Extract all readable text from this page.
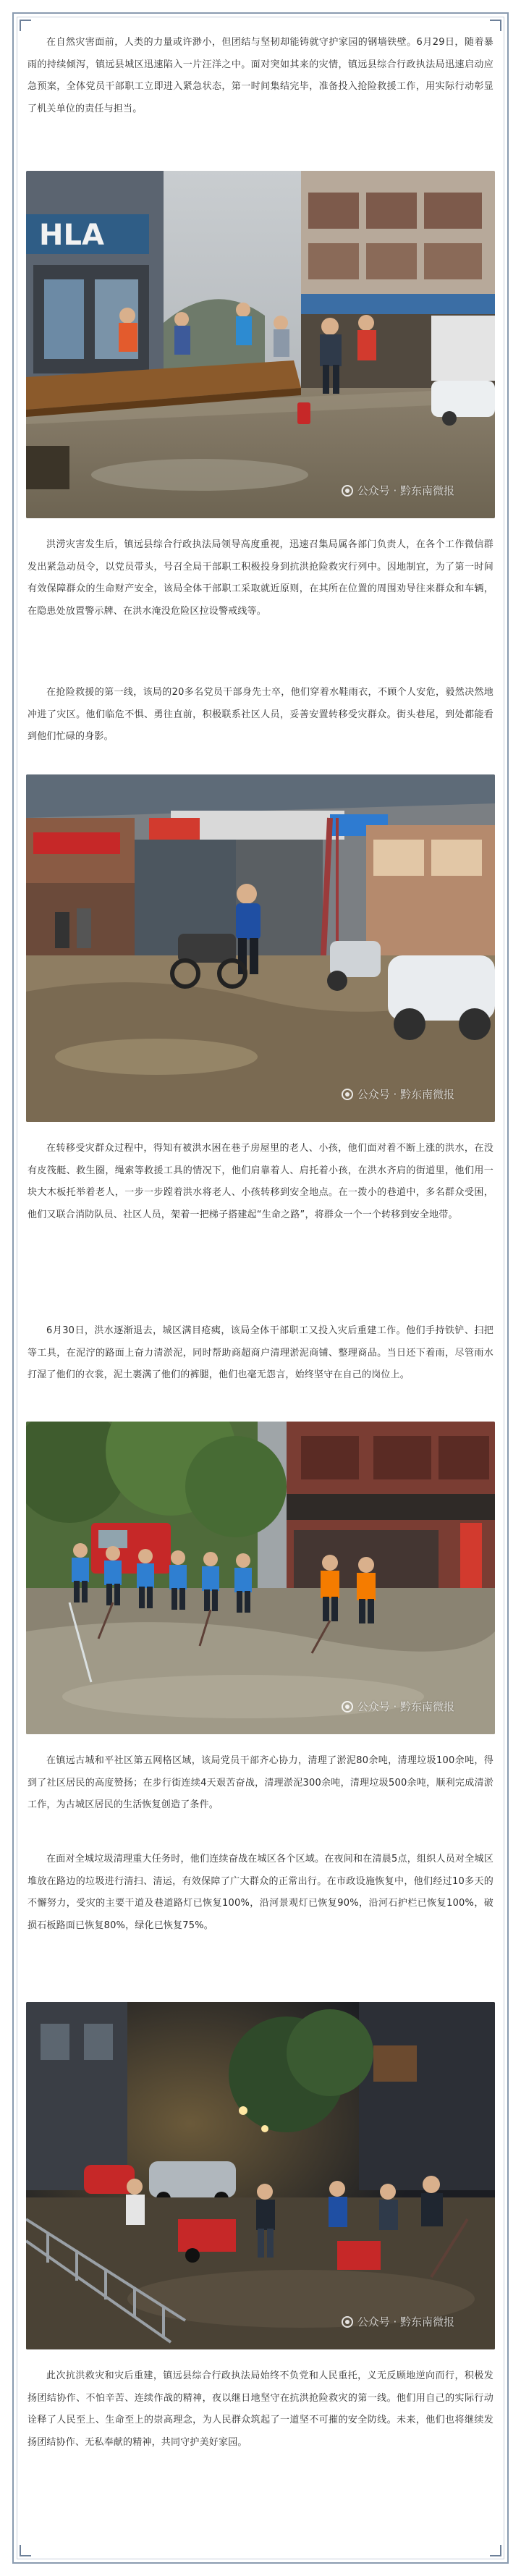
在自然灾害面前，人类的力量或许渺小，但团结与坚韧却能铸就守护家园的钢墙铁壁。6月29日，随着暴雨的持续倾泻，镇远县城区迅速陷入一片汪洋之中。面对突如其来的灾情，镇远县综合行政执法局迅速启动应急预案，全体党员干部职工立即进入紧急状态，第一时间集结完毕，准备投入抢险救援工作，用实际行动彰显了机关单位的责任与担当。

HLA
公众号 · 黔东南微报

洪涝灾害发生后，镇远县综合行政执法局领导高度重视，迅速召集局属各部门负责人，在各个工作微信群发出紧急动员令，以党员带头，号召全局干部职工积极投身到抗洪抢险救灾行列中。因地制宜，为了第一时间有效保障群众的生命财产安全，该局全体干部职工采取就近原则，在其所在位置的周围劝导往来群众和车辆，在隐患处放置警示牌、在洪水淹没危险区拉设警戒线等。

在抢险救援的第一线，该局的20多名党员干部身先士卒，他们穿着水鞋雨衣，不顾个人安危，毅然决然地冲进了灾区。他们临危不惧、勇往直前，积极联系社区人员，妥善安置转移受灾群众。街头巷尾，到处都能看到他们忙碌的身影。

公众号 · 黔东南微报

在转移受灾群众过程中，得知有被洪水困在巷子房屋里的老人、小孩，他们面对着不断上涨的洪水，在没有皮筏艇、救生圈，绳索等救援工具的情况下，他们肩靠着人、肩托着小孩，在洪水齐肩的街道里，他们用一块大木板托举着老人，一步一步蹚着洪水将老人、小孩转移到安全地点。在一拨小的巷道中，多名群众受困，他们又联合消防队员、社区人员，架着一把梯子搭建起“生命之路”，将群众一个一个转移到安全地带。

6月30日，洪水逐渐退去，城区满目疮痍，该局全体干部职工又投入灾后重建工作。他们手持铁铲、扫把等工具，在泥泞的路面上奋力清淤泥，同时帮助商超商户清理淤泥商铺、整理商品。当日还下着雨，尽管雨水打湿了他们的衣裳，泥土裹满了他们的裤腿，他们也毫无怨言，始终坚守在自己的岗位上。

公众号 · 黔东南微报

在镇远古城和平社区第五网格区域，该局党员干部齐心协力，清理了淤泥80余吨，清理垃圾100余吨，得到了社区居民的高度赞扬；在步行街连续4天艰苦奋战，清理淤泥300余吨，清理垃圾500余吨，顺利完成清淤工作，为古城区居民的生活恢复创造了条件。

在面对全城垃圾清理重大任务时，他们连续奋战在城区各个区域。在夜间和在清晨5点，组织人员对全城区堆放在路边的垃圾进行清扫、清运，有效保障了广大群众的正常出行。在市政设施恢复中，他们经过10多天的不懈努力，受灾的主要干道及巷道路灯已恢复100%，沿河景观灯已恢复90%，沿河石护栏已恢复100%，破损石板路面已恢复80%，绿化已恢复75%。

公众号 · 黔东南微报

此次抗洪救灾和灾后重建，镇远县综合行政执法局始终不负党和人民重托，义无反顾地逆向而行，积极发扬团结协作、不怕辛苦、连续作战的精神，夜以继日地坚守在抗洪抢险救灾的第一线。他们用自己的实际行动诠释了人民至上、生命至上的崇高理念，为人民群众筑起了一道坚不可摧的安全防线。未来，他们也将继续发扬团结协作、无私奉献的精神，共同守护美好家园。
